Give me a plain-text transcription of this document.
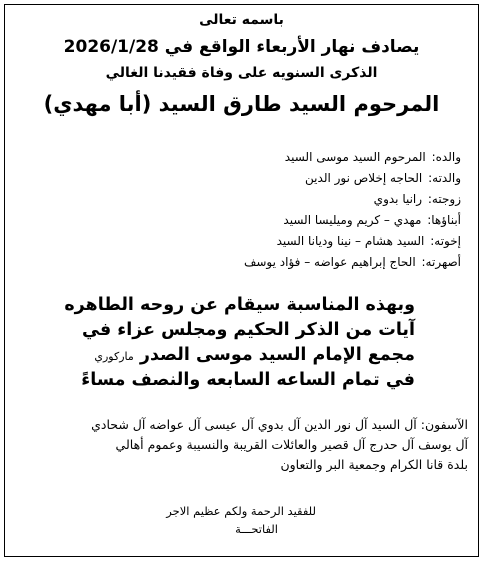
باسمه تعالى
يصادف نهار الأربعاء الواقع في 2026/1/28
الذكرى السنويه على وفاة فقيدنا الغالي
المرحوم السيد طارق السيد (أبا مهدي)
والده: المرحوم السيد موسى السيد
والدته: الحاجه إخلاص نور الدين
زوجته: رانيا بدوي
أبناؤها: مهدي – كريم وميليسا السيد
إخوته: السيد هشام – نينا وديانا السيد
أصهرته: الحاج إبراهيم عواضه – فؤاد يوسف
وبهذه المناسبة سيقام عن روحه الطاهره
آيات من الذكر الحكيم ومجلس عزاء في
مجمع الإمام السيد موسى الصدر ماركوري
في تمام الساعه السابعه والنصف مساءً
الآسفون: آل السيد آل نور الدين آل بدوي آل عيسى آل عواضه آل شحادي
آل يوسف آل حدرج آل قصير والعائلات القريبة والنسيبة وعموم أهالي
بلدة قانا الكرام وجمعية البر والتعاون
للفقيد الرحمة ولكم عظيم الاجر
الفاتحـــة
